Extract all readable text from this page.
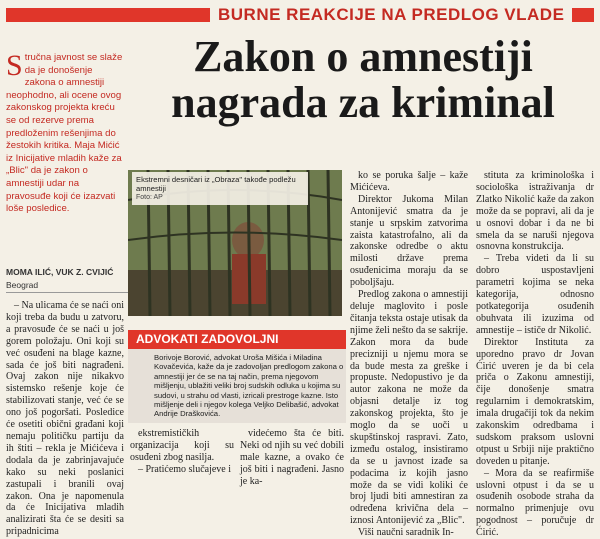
BURNE REAKCIJE NA PREDLOG VLADE
Zakon o amnestiji
nagrada za kriminal
Stručna javnost se slaže da je donošenje zakona o amnestiji neophodno, ali ocene ovog zakonskog projekta kreću se od rezerve prema predloženim rešenjima do žestokih kritika. Maja Mićić iz Inicijative mladih kaže za „Blic" da je zakon o amnestiji udar na pravosuđe koji će izazvati loše posledice.
MOMA ILIĆ, VUK Z. CVIJIĆ
Beograd

– Na ulicama će se naći oni koji treba da budu u zatvoru, a pravosuđe će se naći u još gorem položaju. Oni koji su već osuđeni na blage kazne, sada će još biti nagrađeni. Ovaj zakon nije nikakvo sistemsko rešenje koje će stabilizovati stanje, već će se ono još pogoršati. Posledice će osetiti obični građani koji nemaju političku partiju da ih štiti – rekla je Mićićeva i dodala da je zabrinjavajuće kako su neki poslanici zastupali i branili ovaj zakon. Ona je napomenula da će Inicijativa mladih analizirati šta će se desiti sa pripadnicima

Ekstremni desničari iz „Obraza" takođe podležu amnestiji
Foto: AP
ADVOKATI ZADOVOLJNI
Borivoje Borović, advokat Uroša Mišića i Miladina Kovačevića, kaže da je zadovoljan predlogom zakona o amnestiji jer će se na taj način, prema njegovom mišljenju, ublažiti veliki broj sudskih odluka u kojima su sudovi, u strahu od vlasti, izricali prestroge kazne. Isto mišljenje deli i njegov kolega Veljko Delibašić, advokat Andrije Draškovića.

ekstremističkih organizacija koji su osuđeni zbog nasilja.

– Pratićemo slučajeve i

videćemo šta će biti. Neki od njih su već dobili male kazne, a ovako će još biti i nagrađeni. Jasno je ka-

ko se poruka šalje – kaže Mićićeva.

Direktor Jukoma Milan Antonijević smatra da je stanje u srpskim zatvorima zaista katastrofalno, ali da zakonske odredbe o aktu milosti države prema osuđenicima moraju da se poboljšaju.

Predlog zakona o amnestiji deluje maglovito i posle čitanja teksta ostaje utisak da njime želi nešto da se sakrije. Zakon mora da bude precizniji u njemu mora se da bude mesta za greške i propuste. Nedopustivo je da autor zakona ne može da objasni detalje iz tog zakonskog projekta, što je moglo da se uoči u skupštinskoj raspravi. Zato, između ostalog, insistiramo da se u javnost izađe sa podacima iz kojih jasno može da se vidi koliki će broj ljudi biti amnestiran za određena krivična dela – iznosi Antonijević za „Blic".

Viši naučni saradnik In-

stituta za kriminološka i sociološka istraživanja dr Zlatko Nikolić kaže da zakon može da se popravi, ali da je u osnovi dobar i da ne bi smela da se naruši njegova osnovna konstrukcija.

– Treba videti da li su dobro uspostavljeni parametri kojima se neka kategorija, odnosno potkategorija osuđenih obuhvata ili izuzima od amnestije – ističe dr Nikolić.

Direktor Instituta za uporedno pravo dr Jovan Ćirić uveren je da bi cela priča o Zakonu amnestiji, čije donošenje smatra regularnim i demokratskim, imala drugačiji tok da nekim zakonskim odredbama i sudskom praksom uslovni otpust u Srbiji nije praktično doveden u pitanje.

– Mora da se reafirmiše uslovni otpust i da se u osuđenih osobode straha da normalno primenjuje ovu pogodnost – poručuje dr Ćirić.
